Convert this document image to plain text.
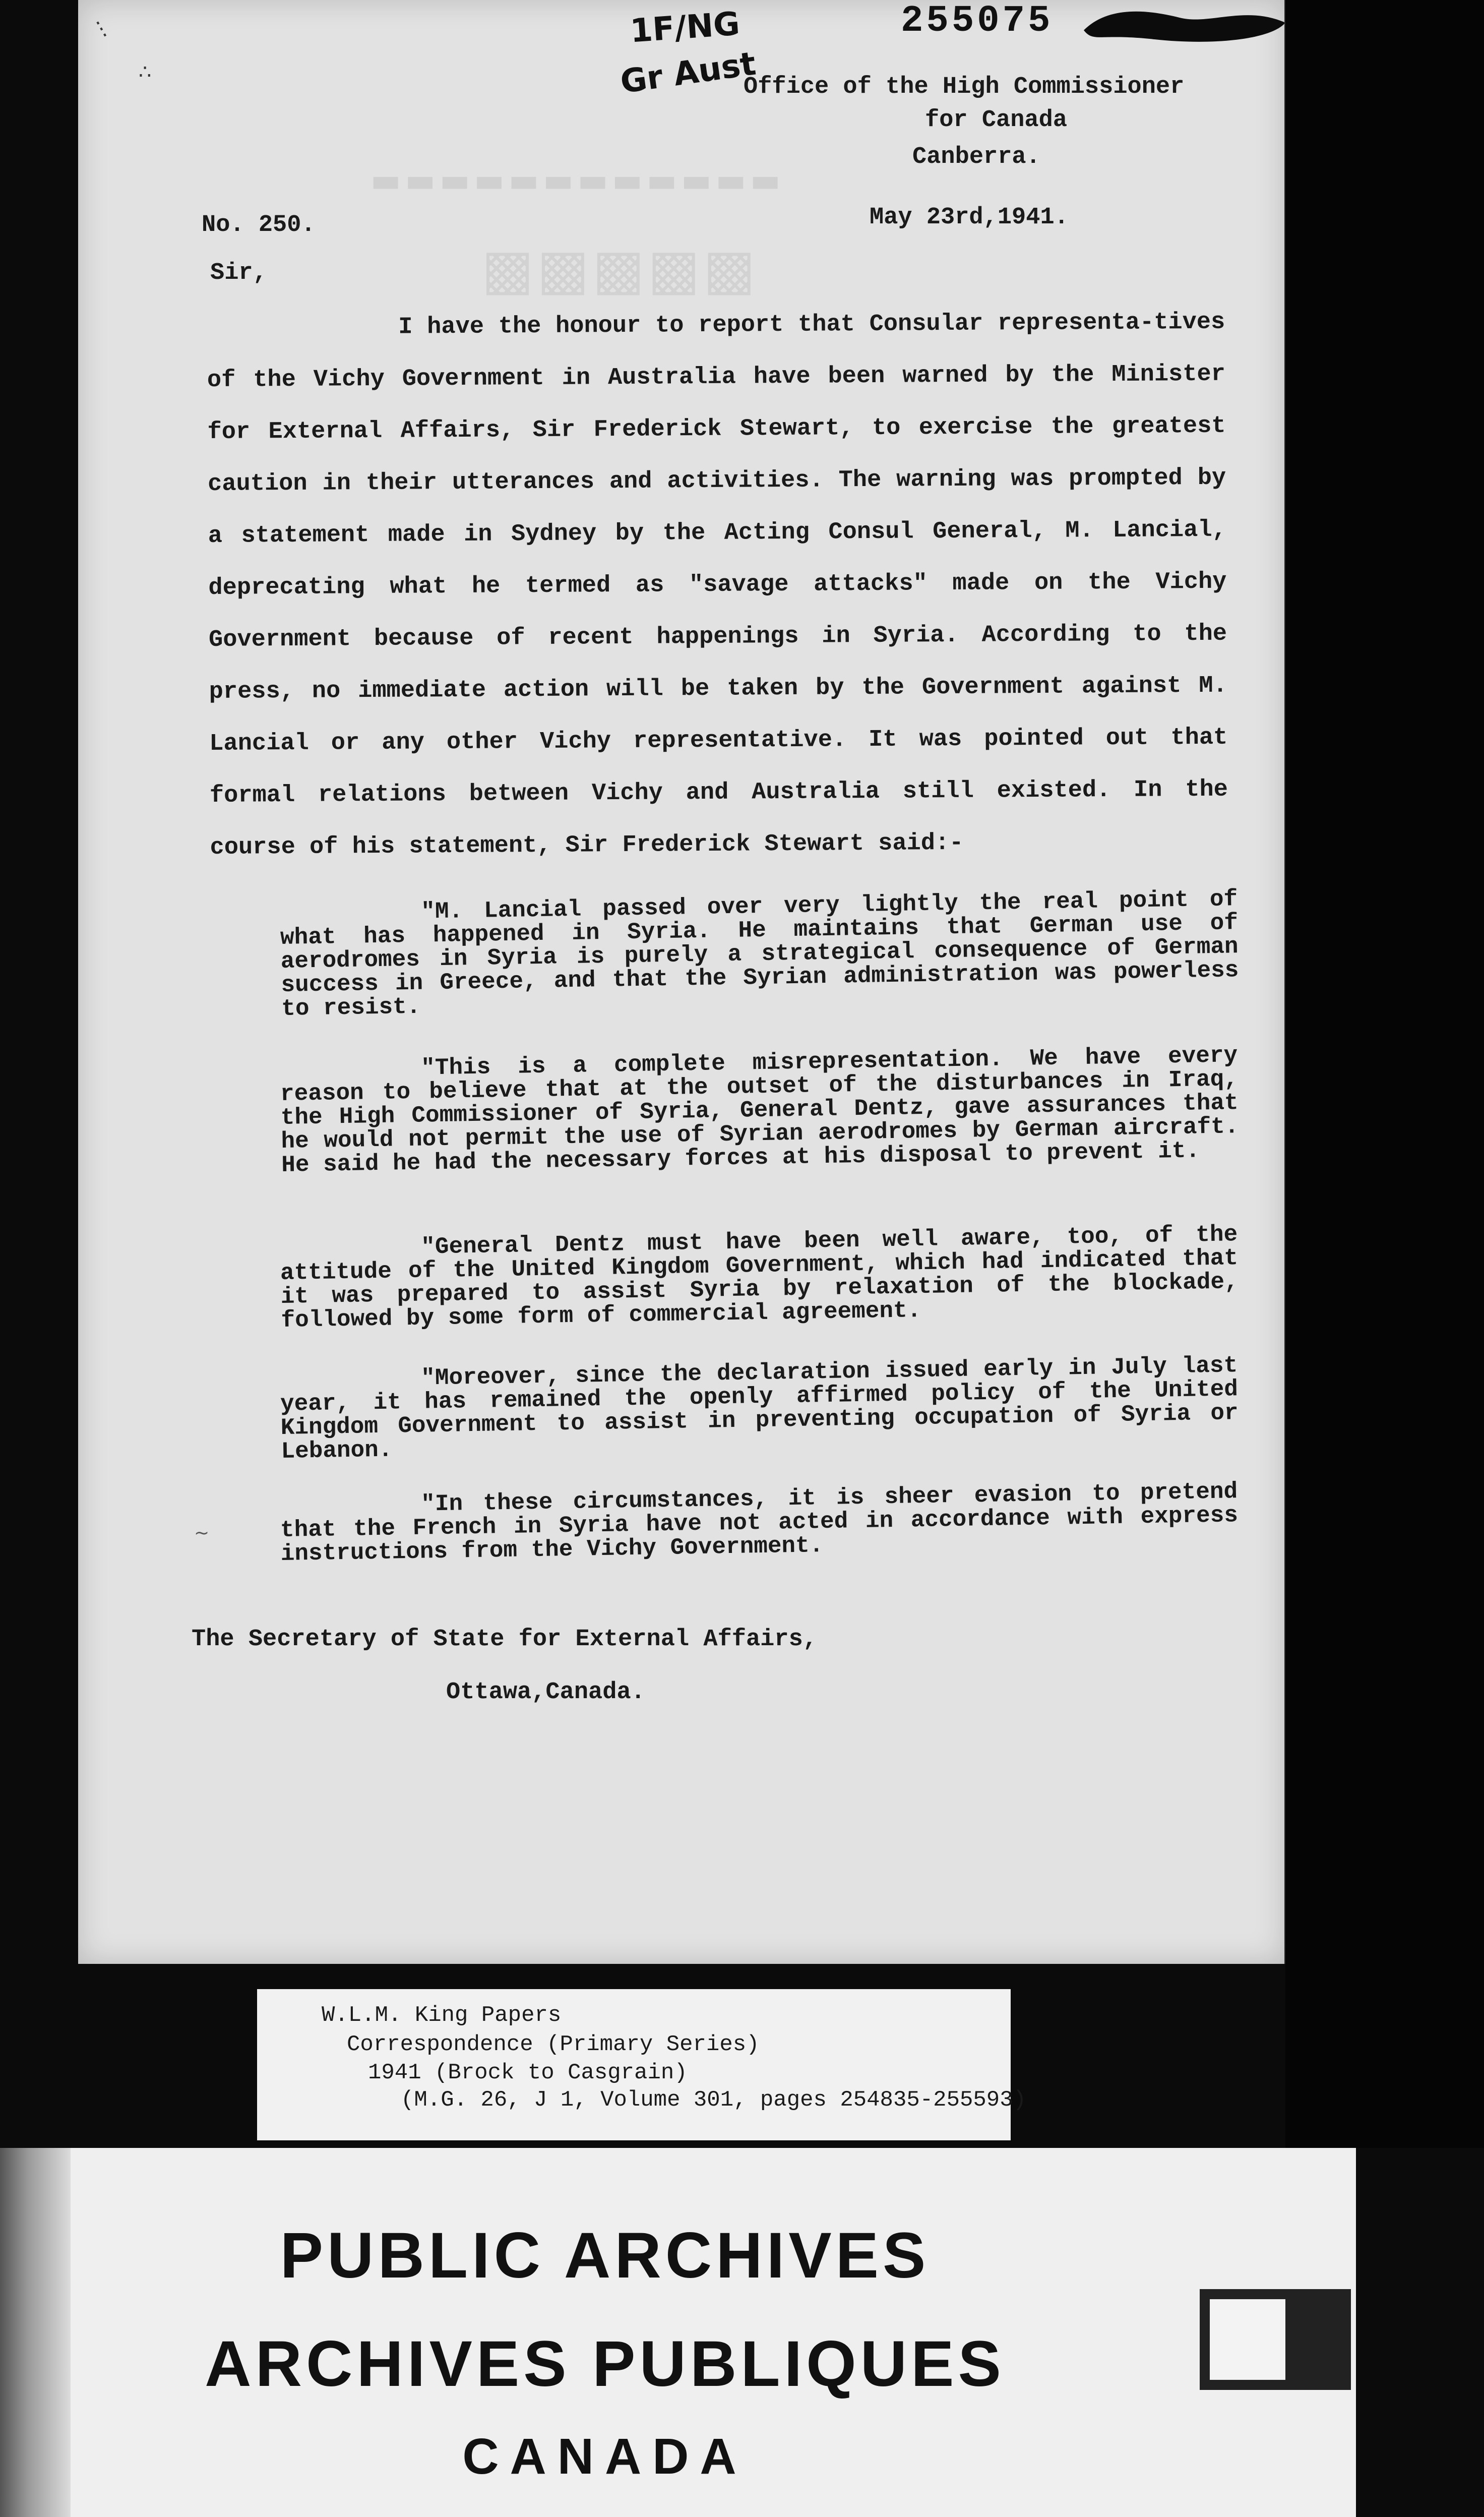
⋮
∴
255075
1F/NG
Gr Aust
▬▬▬▬▬▬▬▬▬▬▬▬
▩▩▩▩▩
Office of the High Commissioner
for Canada
Canberra.
No. 250.	May 23rd,1941.
Sir,
I have the honour to report that Consular representa-tives of the Vichy Government in Australia have been warned by the Minister for External Affairs, Sir Frederick Stewart, to exercise the greatest caution in their utterances and activities. The warning was prompted by a statement made in Sydney by the Acting Consul General, M. Lancial, deprecating what he termed as "savage attacks" made on the Vichy Government because of recent happenings in Syria. According to the press, no immediate action will be taken by the Government against M. Lancial or any other Vichy representative. It was pointed out that formal relations between Vichy and Australia still existed. In the course of his statement, Sir Frederick Stewart said:-

"M. Lancial passed over very lightly the real point of what has happened in Syria. He maintains that German use of aerodromes in Syria is purely a strategical consequence of German success in Greece, and that the Syrian administration was powerless to resist.

"This is a complete misrepresentation. We have every reason to believe that at the outset of the disturbances in Iraq, the High Commissioner of Syria, General Dentz, gave assurances that he would not permit the use of Syrian aerodromes by German aircraft. He said he had the necessary forces at his disposal to prevent it.

"General Dentz must have been well aware, too, of the attitude of the United Kingdom Government, which had indicated that it was prepared to assist Syria by relaxation of the blockade, followed by some form of commercial agreement.

"Moreover, since the declaration issued early in July last year, it has remained the openly affirmed policy of the United Kingdom Government to assist in preventing occupation of Syria or Lebanon.

"In these circumstances, it is sheer evasion to pretend that the French in Syria have not acted in accordance with express instructions from the Vichy Government.

~
The Secretary of State for External Affairs,
Ottawa,Canada.
W.L.M. King Papers
Correspondence (Primary Series)
1941 (Brock to Casgrain)
(M.G. 26, J 1, Volume 301, pages 254835-255593)
PUBLIC ARCHIVES
ARCHIVES PUBLIQUES
CANADA
